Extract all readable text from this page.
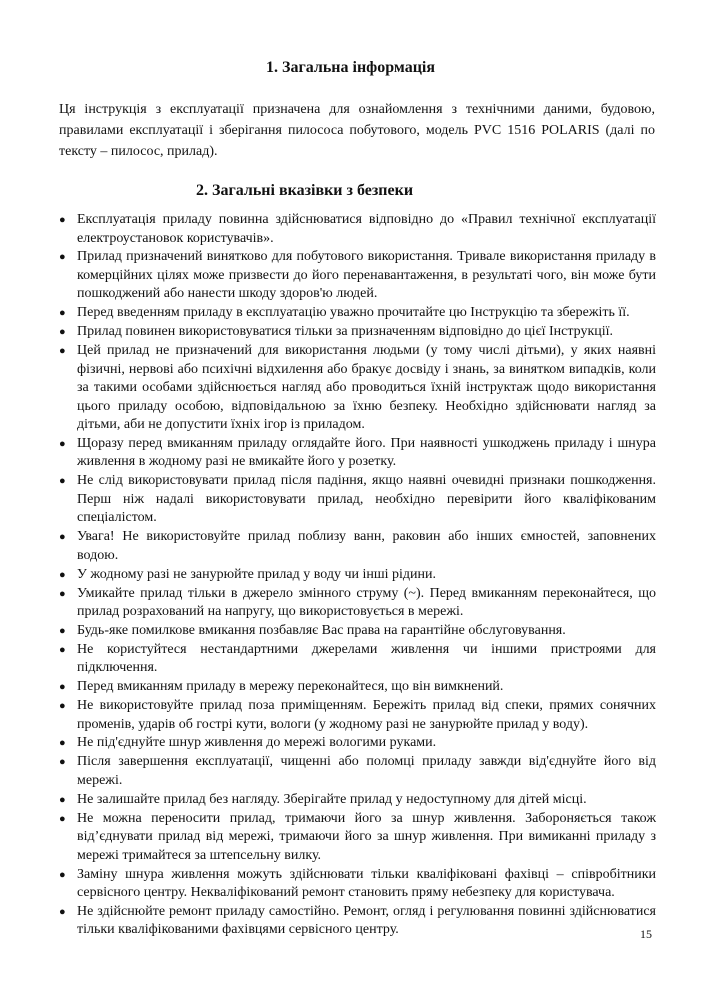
1. Загальна інформація

Ця інструкція з експлуатації призначена для ознайомлення з технічними даними, будовою, правилами експлуатації і зберігання пилососа побутового, модель PVC 1516 POLARIS (далі по тексту – пилосос, прилад).

2. Загальні вказівки з безпеки
● Експлуатація приладу повинна здійснюватися відповідно до «Правил технічної експлуатації електроустановок користувачів».
● Прилад призначений винятково для побутового використання. Тривале використання приладу в комерційних цілях може призвести до його перенавантаження, в результаті чого, він може бути пошкоджений або нанести шкоду здоров'ю людей.
● Перед введенням приладу в експлуатацію уважно прочитайте цю Інструкцію та збережіть її.
● Прилад повинен використовуватися тільки за призначенням відповідно до цієї Інструкції.
● Цей прилад не призначений для використання людьми (у тому числі дітьми), у яких наявні фізичні, нервові або психічні відхилення або бракує досвіду і знань, за винятком випадків, коли за такими особами здійснюється нагляд або проводиться їхній інструктаж щодо використання цього приладу особою, відповідальною за їхню безпеку. Необхідно здійснювати нагляд за дітьми, аби не допустити їхніх ігор із приладом.
● Щоразу перед вмиканням приладу оглядайте його. При наявності ушкоджень приладу і шнура живлення в жодному разі не вмикайте його у розетку.
● Не слід використовувати прилад після падіння, якщо наявні очевидні признаки пошкодження. Перш ніж надалі використовувати прилад, необхідно перевірити його кваліфікованим спеціалістом.
● Увага! Не використовуйте прилад поблизу ванн, раковин або інших ємностей, заповнених водою.
● У жодному разі не занурюйте прилад у воду чи інші рідини.
● Умикайте прилад тільки в джерело змінного струму (~). Перед вмиканням переконайтеся, що прилад розрахований на напругу, що використовується в мережі.
● Будь-яке помилкове вмикання позбавляє Вас права на гарантійне обслуговування.
● Не користуйтеся нестандартними джерелами живлення чи іншими пристроями для підключення.
● Перед вмиканням приладу в мережу переконайтеся, що він вимкнений.
● Не використовуйте прилад поза приміщенням. Бережіть прилад від спеки, прямих сонячних променів, ударів об гострі кути, вологи (у жодному разі не занурюйте прилад у воду).
● Не під'єднуйте шнур живлення до мережі вологими руками.
● Після завершення експлуатації, чищенні або поломці приладу завжди від'єднуйте його від мережі.
● Не залишайте прилад без нагляду. Зберігайте прилад у недоступному для дітей місці.
● Не можна переносити прилад, тримаючи його за шнур живлення. Забороняється також від’єднувати прилад від мережі, тримаючи його за шнур живлення. При вимиканні приладу з мережі тримайтеся за штепсельну вилку.
● Заміну шнура живлення можуть здійснювати тільки кваліфіковані фахівці – співробітники сервісного центру. Некваліфікований ремонт становить пряму небезпеку для користувача.
● Не здійснюйте ремонт приладу самостійно. Ремонт, огляд і регулювання повинні здійснюватися тільки кваліфікованими фахівцями сервісного центру.	15
